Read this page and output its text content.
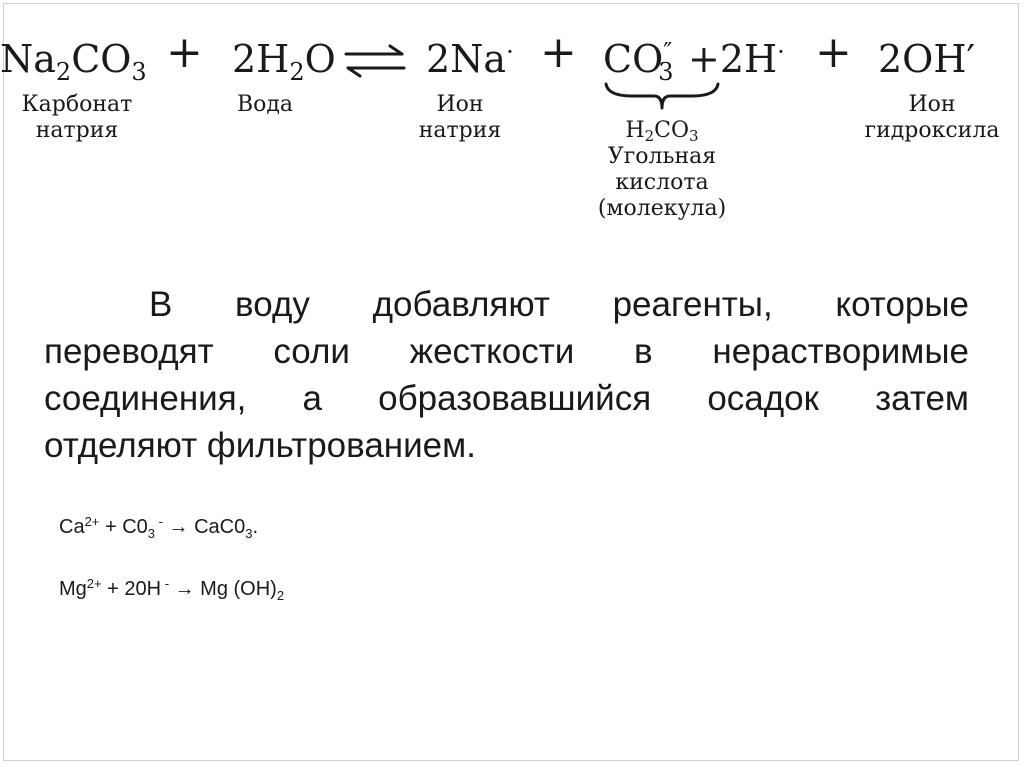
$Na_2CO_3 + 2H_2O$ ⇌ $2Na^\cdot + CO''_3 +2H^\cdot + 2OH'$
Карбонат
натрия
Вода	Ион
натрия	$H_2CO_3$
Угольная
кислота
(молекула)
Ион
гидроксила
В воду добавляют реагенты, которые
переводят соли жесткости в нерастворимые
соединения, а образовавшийся осадок затем
отделяют фильтрованием.
$Ca^{2+} + C0_3$ $^- \to CaC0_3$.
$Mg^{2+} + 20H$ - → Mg $(OH)_2$
